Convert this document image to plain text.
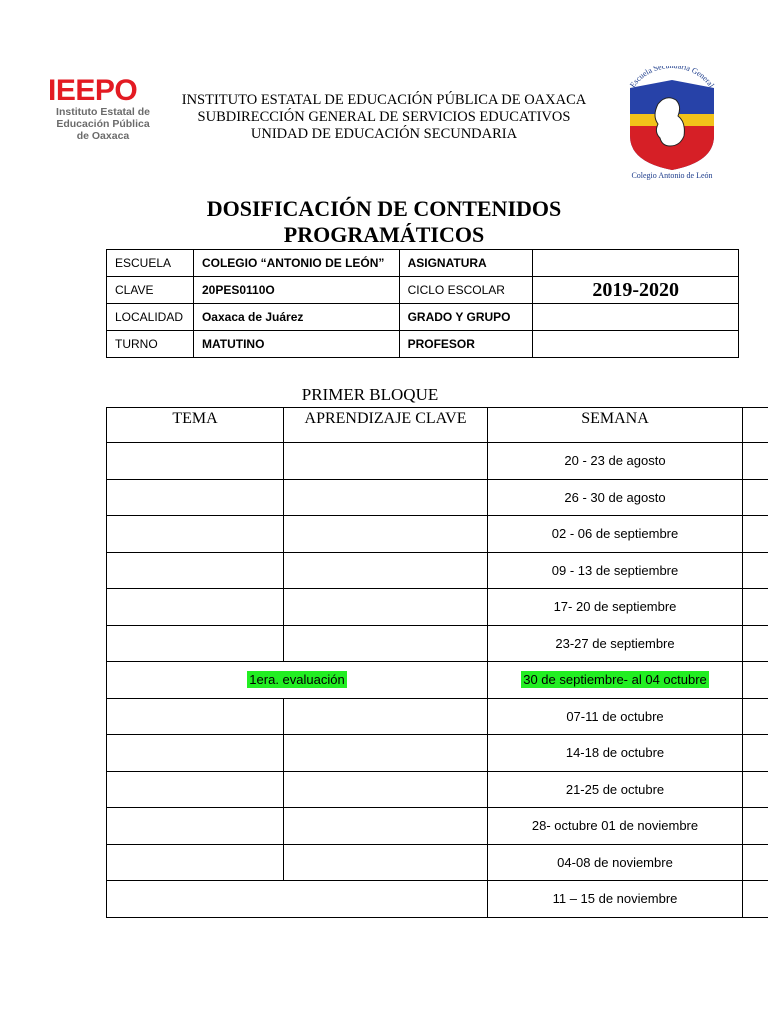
IEEPO
Instituto Estatal de
Educación Pública
de Oaxaca
INSTITUTO ESTATAL DE EDUCACIÓN PÚBLICA DE OAXACA
SUBDIRECCIÓN GENERAL DE SERVICIOS EDUCATIVOS
UNIDAD DE EDUCACIÓN SECUNDARIA
Escuela Sec aria General
Colegio Antonio de León
DOSIFICACIÓN DE CONTENIDOS
PROGRAMÁTICOS
ESCUELA	COLEGIO “ANTONIO DE LEÓN”	ASIGNATURA	
CLAVE	20PES0110O	CICLO ESCOLAR	2019-2020
LOCALIDAD	Oaxaca de Juárez	GRADO Y GRUPO	
TURNO	MATUTINO	PROFESOR	
PRIMER BLOQUE
TEMA	APRENDIZAJE CLAVE	SEMANA	
		20 - 23 de agosto	
		26 - 30 de agosto	
		02 - 06 de septiembre	
		09 - 13 de septiembre	
		17- 20 de septiembre	
		23-27 de septiembre	
1era. evaluación		30 de septiembre- al 04 octubre	
		07-11 de octubre	
		14-18 de octubre	
		21-25 de octubre	
		28- octubre 01 de noviembre	
		04-08 de noviembre	
		11 – 15 de noviembre	
